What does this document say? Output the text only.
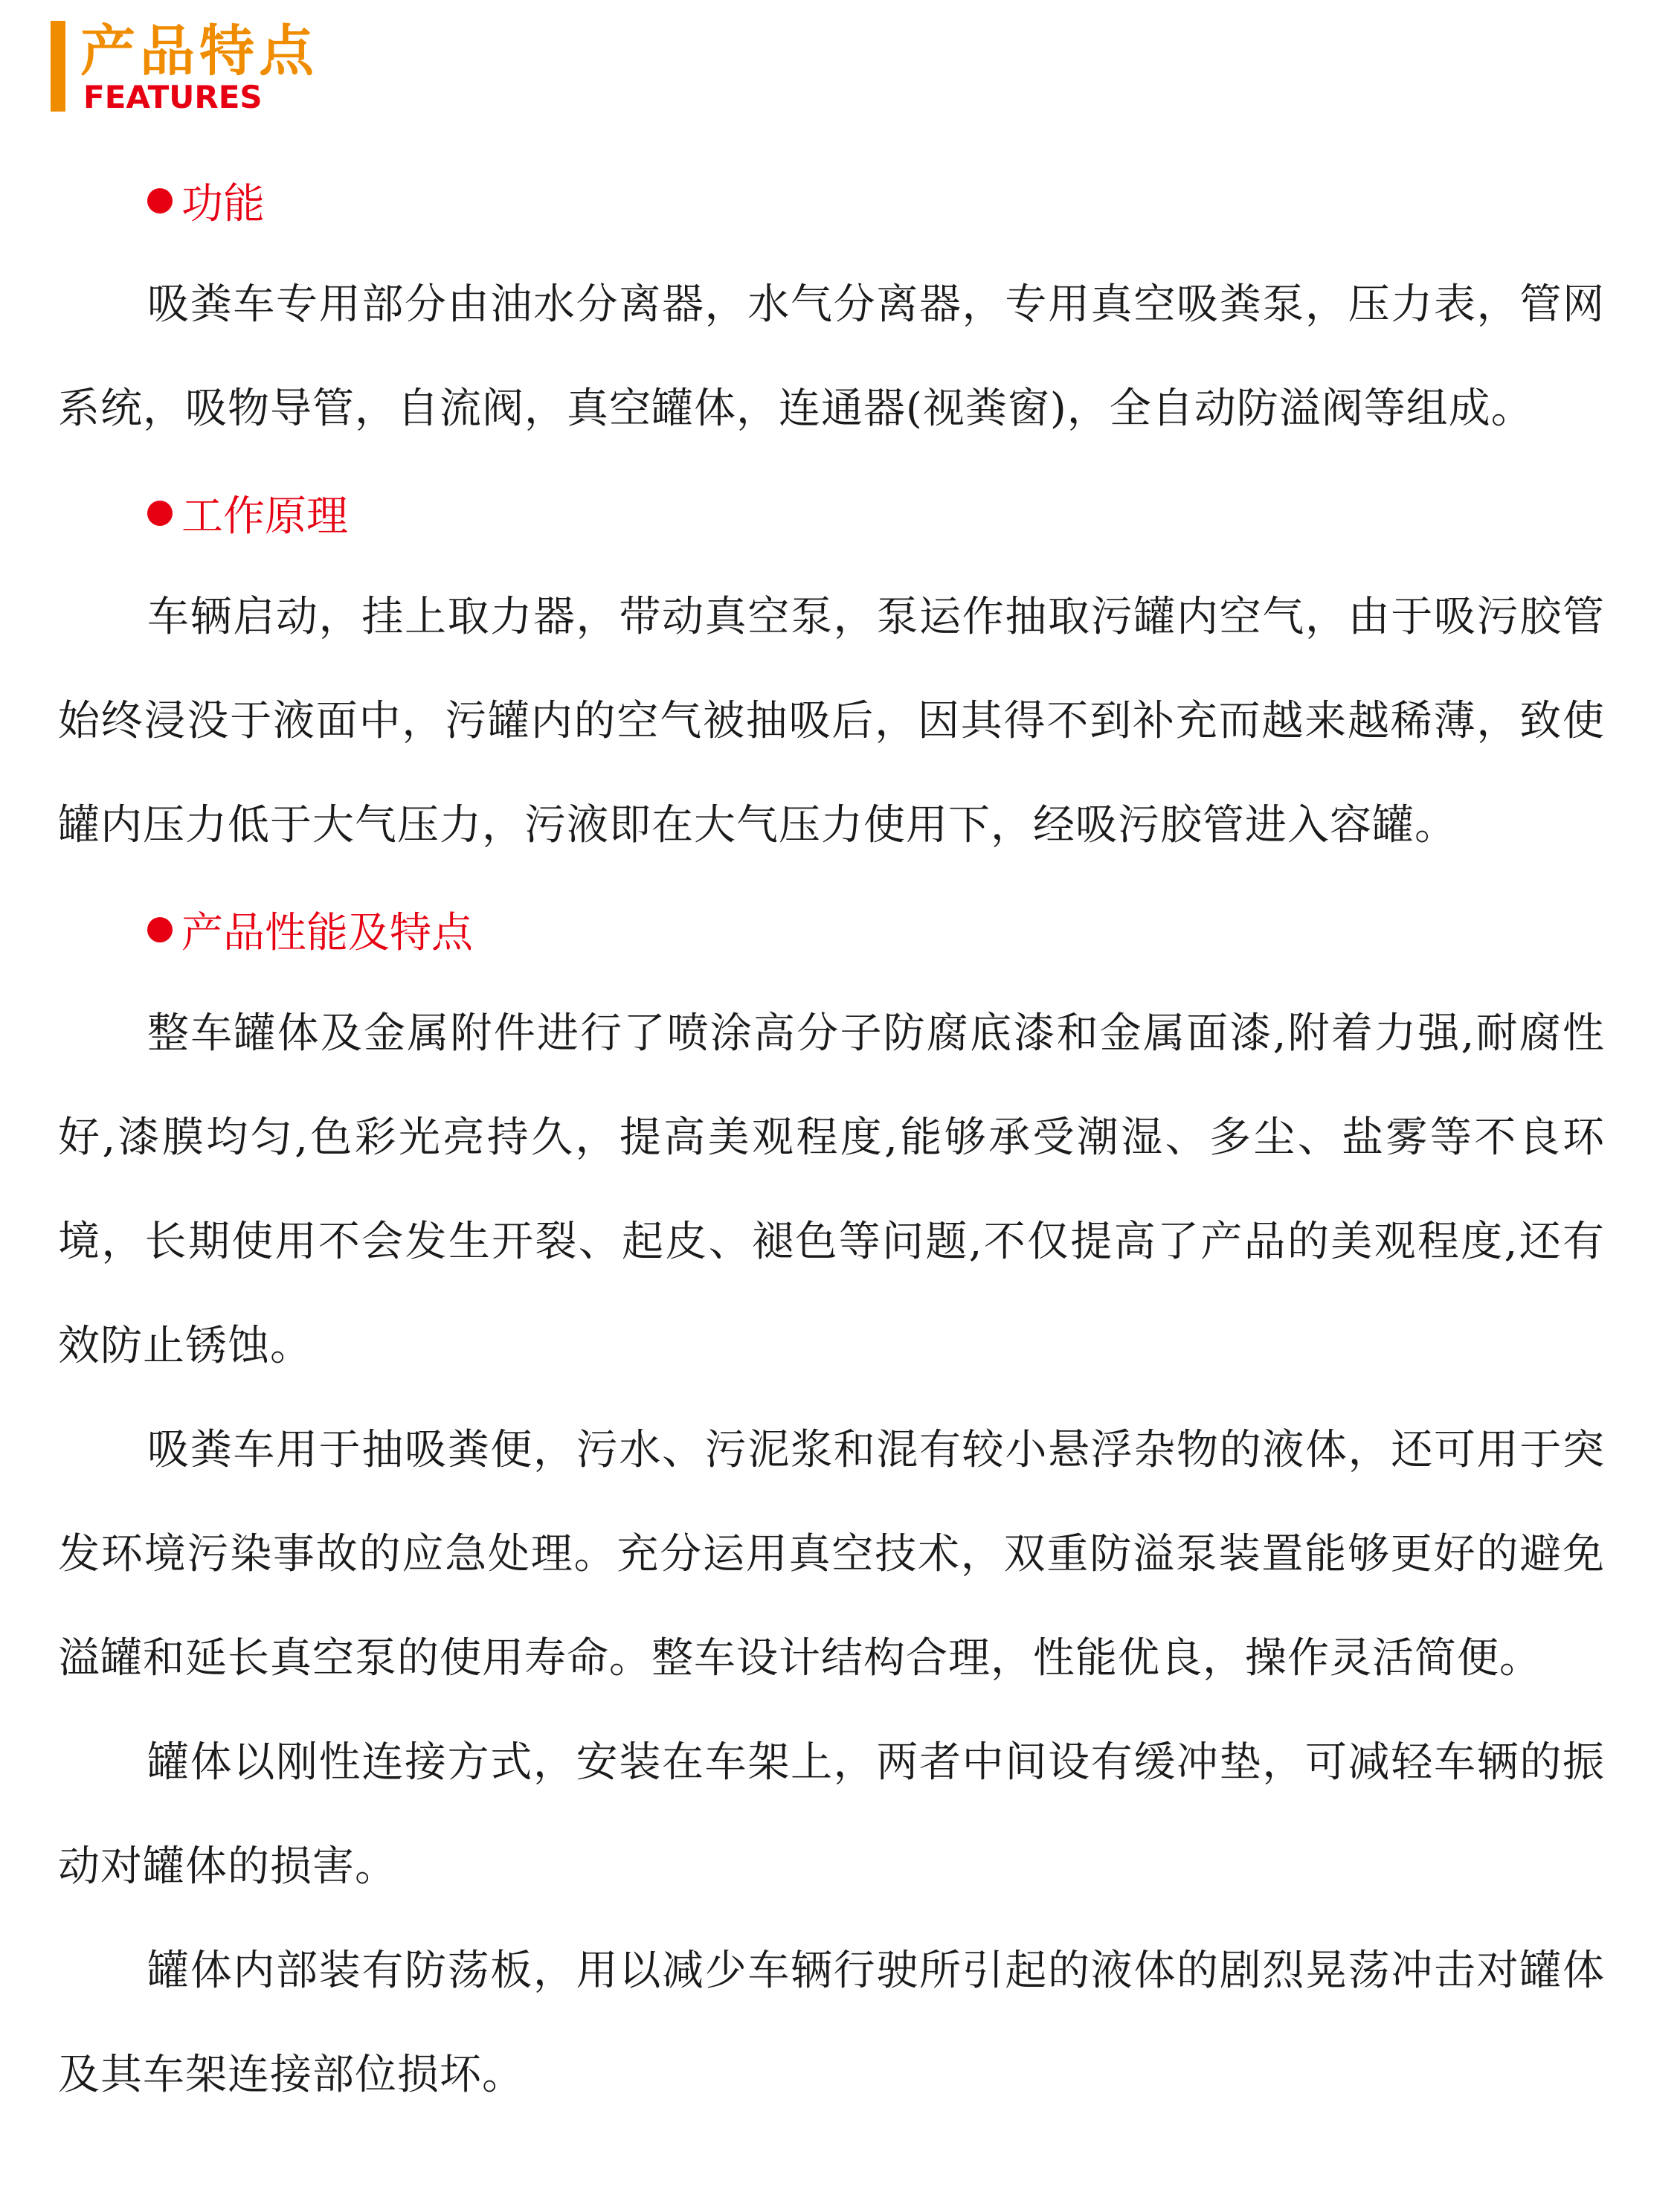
产品特点
FEATURES
功能

吸粪车专用部分由油水分离器，水气分离器，专用真空吸粪泵，压力表，管网系统，吸物导管，自流阀，真空罐体，连通器(视粪窗)，全自动防溢阀等组成。

工作原理

车辆启动，挂上取力器，带动真空泵，泵运作抽取污罐内空气，由于吸污胶管始终浸没于液面中，污罐内的空气被抽吸后，因其得不到补充而越来越稀薄，致使罐内压力低于大气压力，污液即在大气压力使用下，经吸污胶管进入容罐。

产品性能及特点

整车罐体及金属附件进行了喷涂高分子防腐底漆和金属面漆,附着力强,耐腐性好,漆膜均匀,色彩光亮持久，提高美观程度,能够承受潮湿、多尘、盐雾等不良环境，长期使用不会发生开裂、起皮、褪色等问题,不仅提高了产品的美观程度,还有效防止锈蚀。

吸粪车用于抽吸粪便，污水、污泥浆和混有较小悬浮杂物的液体，还可用于突发环境污染事故的应急处理。充分运用真空技术，双重防溢泵装置能够更好的避免溢罐和延长真空泵的使用寿命。整车设计结构合理，性能优良，操作灵活简便。

罐体以刚性连接方式，安装在车架上，两者中间设有缓冲垫，可减轻车辆的振动对罐体的损害。

罐体内部装有防荡板，用以减少车辆行驶所引起的液体的剧烈晃荡冲击对罐体及其车架连接部位损坏。
